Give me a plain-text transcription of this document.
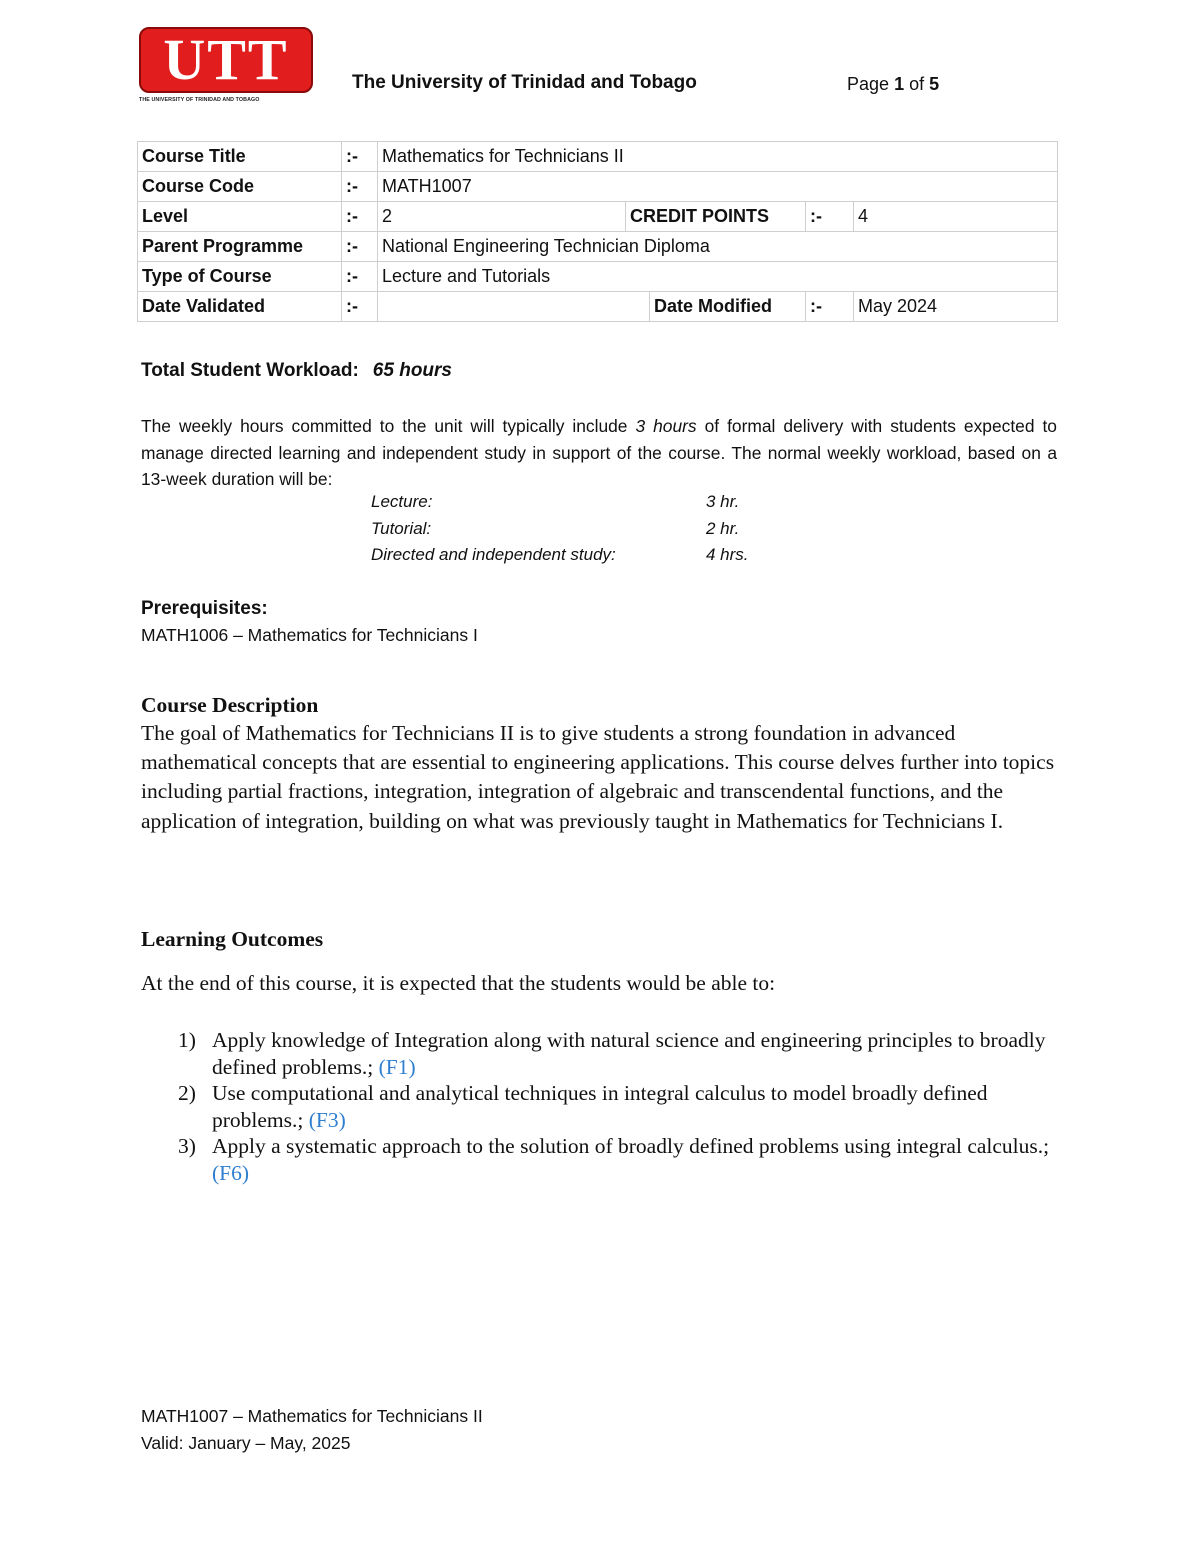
UTT
THE UNIVERSITY OF TRINIDAD AND TOBAGO
The University of Trinidad and Tobago	Page 1 of 5
Course Title	:-	Mathematics for Technicians II				
Course Code	:-	MATH1007				
Level	:-	2	CREDIT POINTS		:-	4
Parent Programme	:-	National Engineering Technician Diploma				
Type of Course	:-	Lecture and Tutorials				
Date Validated	:-			Date Modified	:-	May 2024
Total Student Workload: 65 hours
The weekly hours committed to the unit will typically include 3 hours of formal delivery with students expected to manage directed learning and independent study in support of the course. The normal weekly workload, based on a 13-week duration will be:
Lecture:	3 hr.
Tutorial:	2 hr.
Directed and independent study:	4 hrs.
Prerequisites:
MATH1006 – Mathematics for Technicians I
Course Description
The goal of Mathematics for Technicians II is to give students a strong foundation in advanced mathematical concepts that are essential to engineering applications. This course delves further into topics including partial fractions, integration, integration of algebraic and transcendental functions, and the application of integration, building on what was previously taught in Mathematics for Technicians I.
Learning Outcomes
At the end of this course, it is expected that the students would be able to:
1) Apply knowledge of Integration along with natural science and engineering principles to broadly defined problems.; (F1)
2) Use computational and analytical techniques in integral calculus to model broadly defined problems.; (F3)
3) Apply a systematic approach to the solution of broadly defined problems using integral calculus.; (F6)
MATH1007 – Mathematics for Technicians II
Valid: January – May, 2025
